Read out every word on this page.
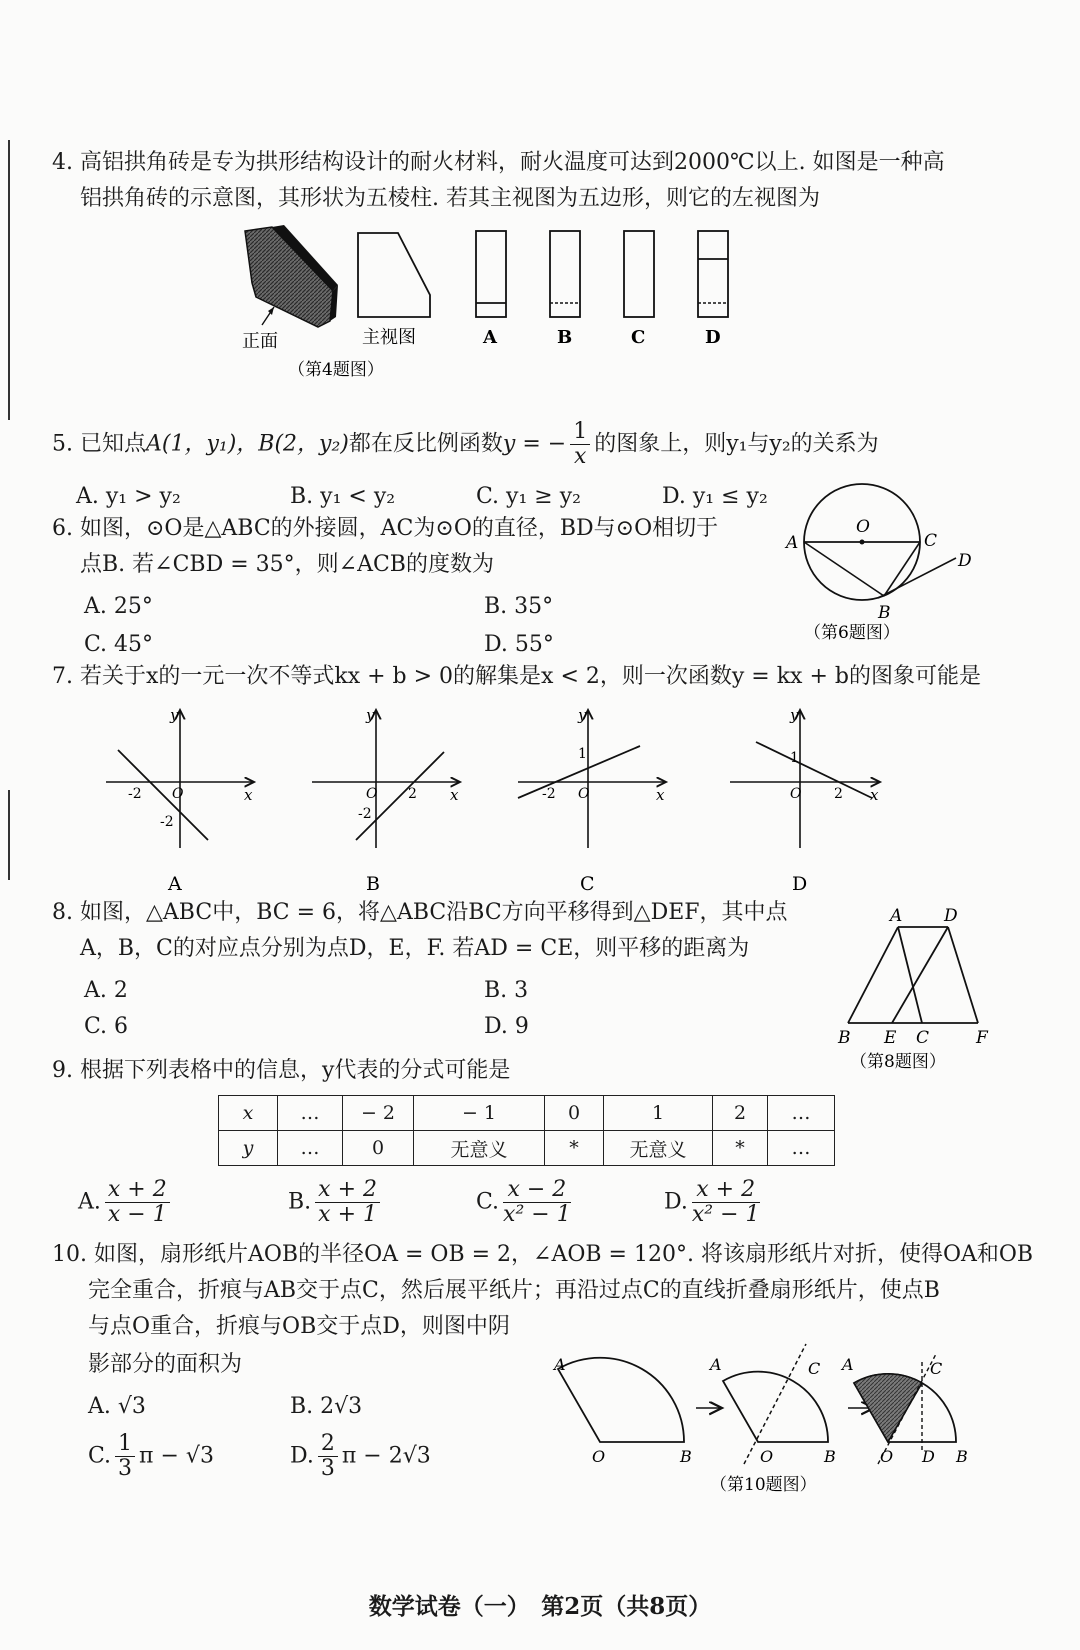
4. 高铝拱角砖是专为拱形结构设计的耐火材料，耐火温度可达到2000℃以上. 如图是一种高
铝拱角砖的示意图，其形状为五棱柱. 若其主视图为五边形，则它的左视图为
正面	主视图	A	B	C	D
（第4题图）
5. 已知点A(1，y₁)，B(2，y₂)都在反比例函数y = − $\frac{1}{x}$ 的图象上，则y₁与y₂的关系为
A. y₁ > y₂	B. y₁ < y₂	C. y₁ ≥ y₂	D. y₁ ≤ y₂
6. 如图，⊙O是△ABC的外接圆，AC为⊙O的直径，BD与⊙O相切于
点B. 若∠CBD = 35°，则∠ACB的度数为
A. 25°	B. 35°
C. 45°	D. 55°
A
O
C
B
D
（第6题图）
7. 若关于x的一元一次不等式kx + b > 0的解集是x < 2，则一次函数y = kx + b的图象可能是
y
x
O
-2
-2
A
y
x
O 2
-2
B
y
x
O
-2
1
C
y
x
O 2
1
D
8. 如图，△ABC中，BC = 6，将△ABC沿BC方向平移得到△DEF，其中点
A，B，C的对应点分别为点D，E，F. 若AD = CE，则平移的距离为
A. 2	B. 3
C. 6	D. 9
A D
B E C	F
（第8题图）
9. 根据下列表格中的信息，y代表的分式可能是
x	…	− 2	− 1	0	1	2	…
y	…	0	无意义	*	无意义	*	…
A. $\frac{x + 2}{x - 1}$	B. $\frac{x + 2}{x + 1}$	C. $\frac{x - 2}{\text{x² − 1}}$	D. $\frac{x + 2}{\text{x² − 1}}$
10. 如图，扇形纸片AOB的半径OA = OB = 2，∠AOB = 120°. 将该扇形纸片对折，使得OA和OB
完全重合，折痕与AB交于点C，然后展平纸片；再沿过点C的直线折叠扇形纸片，使点B
与点O重合，折痕与OB交于点D，则图中阴
影部分的面积为
A. √3	B. 2√3
C. $\frac{1}{3}$ π − √3	D. $\frac{2}{3}$ π − 2√3
A
O	B
A	C
O	B
A	C
O D B
（第10题图）
数学试卷（一）　第2页（共8页）
